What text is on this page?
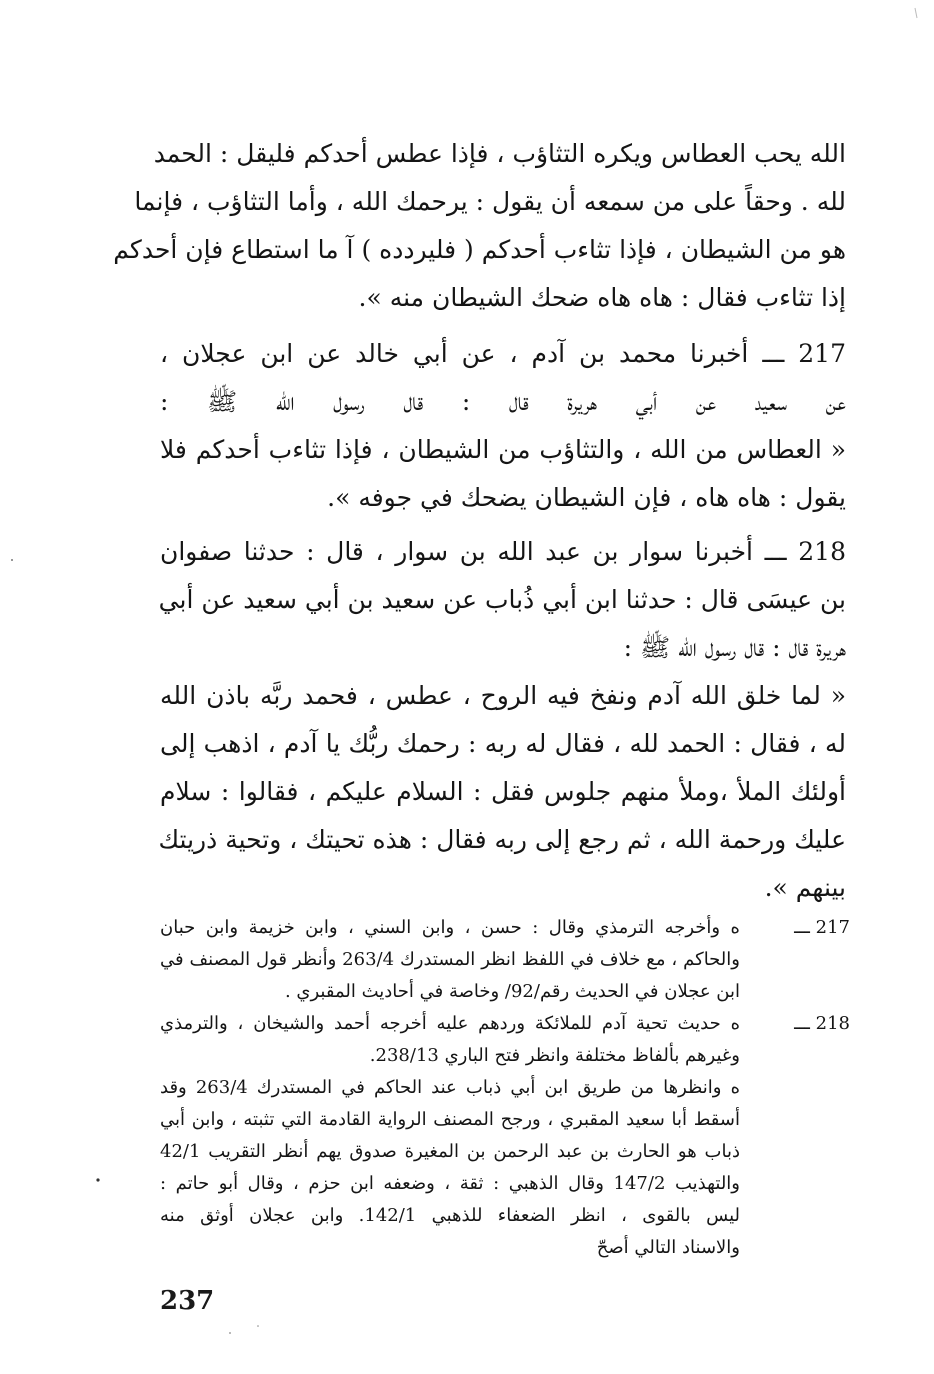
الله يحب العطاس ويكره التثاؤب ، فإذا عطس أحدكم فليقل : الحمد
لله . وحقاً على من سمعه أن يقول : يرحمك الله ، وأما التثاؤب ، فإنما
هو من الشيطان ، فإذا تثاءب أحدكم ( فليردده ) آ ما استطاع فإن أحدكم
إذا تثاءب فقال : هاه هاه ضحك الشيطان منه ».
217 ـــ أخبرنا محمد بن آدم ، عن أبي خالد عن ابن عجلان ،
عن سعيد عن أبي هريرة قال : قال رسول الله ﷺ :
« العطاس من الله ، والتثاؤب من الشيطان ، فإذا تثاءب أحدكم فلا
يقول : هاه هاه ، فإن الشيطان يضحك في جوفه ».
218 ـــ أخبرنا سوار بن عبد الله بن سوار ، قال : حدثنا صفوان
بن عيسَى قال : حدثنا ابن أبي ذُباب عن سعيد بن أبي سعيد عن أبي
هريرة قال : قال رسول الله ﷺ :
« لما خلق الله آدم ونفخ فيه الروح ، عطس ، فحمد ربَّه باذن الله
له ، فقال : الحمد لله ، فقال له ربه : رحمك ربُّك يا آدم ، اذهب إلى
أولئك الملأ ،وملأ منهم جلوس فقل : السلام عليكم ، فقالوا : سلام
عليك ورحمة الله ، ثم رجع إلى ربه فقال : هذه تحيتك ، وتحية ذريتك
بينهم ».
217 ـــ
ه وأخرجه الترمذي وقال : حسن ، وابن السني ، وابن خزيمة وابن حبان
والحاكم ، مع خلاف في اللفظ انظر المستدرك 263/4 وأنظر قول المصنف في
ابن عجلان في الحديث رقم/92/ وخاصة في أحاديث المقبري .
218 ـــ
ه حديث تحية آدم للملائكة وردهم عليه أخرجه أحمد والشيخان ، والترمذي
وغيرهم بألفاظ مختلفة وانظر فتح الباري 238/13.
ه وانظرها من طريق ابن أبي ذباب عند الحاكم في المستدرك 263/4 وقد
أسقط أبا سعيد المقبري ، ورجح المصنف الرواية القادمة التي تثبته ، وابن أبي
ذباب هو الحارث بن عبد الرحمن بن المغيرة صدوق يهم أنظر التقريب 42/1
والتهذيب 147/2 وقال الذهبي : ثقة ، وضعفه ابن حزم ، وقال أبو حاتم :
ليس بالقوى ، انظر الضعفاء للذهبي 142/1. وابن عجلان أوثق منه
والاسناد التالي أصحّ
237
